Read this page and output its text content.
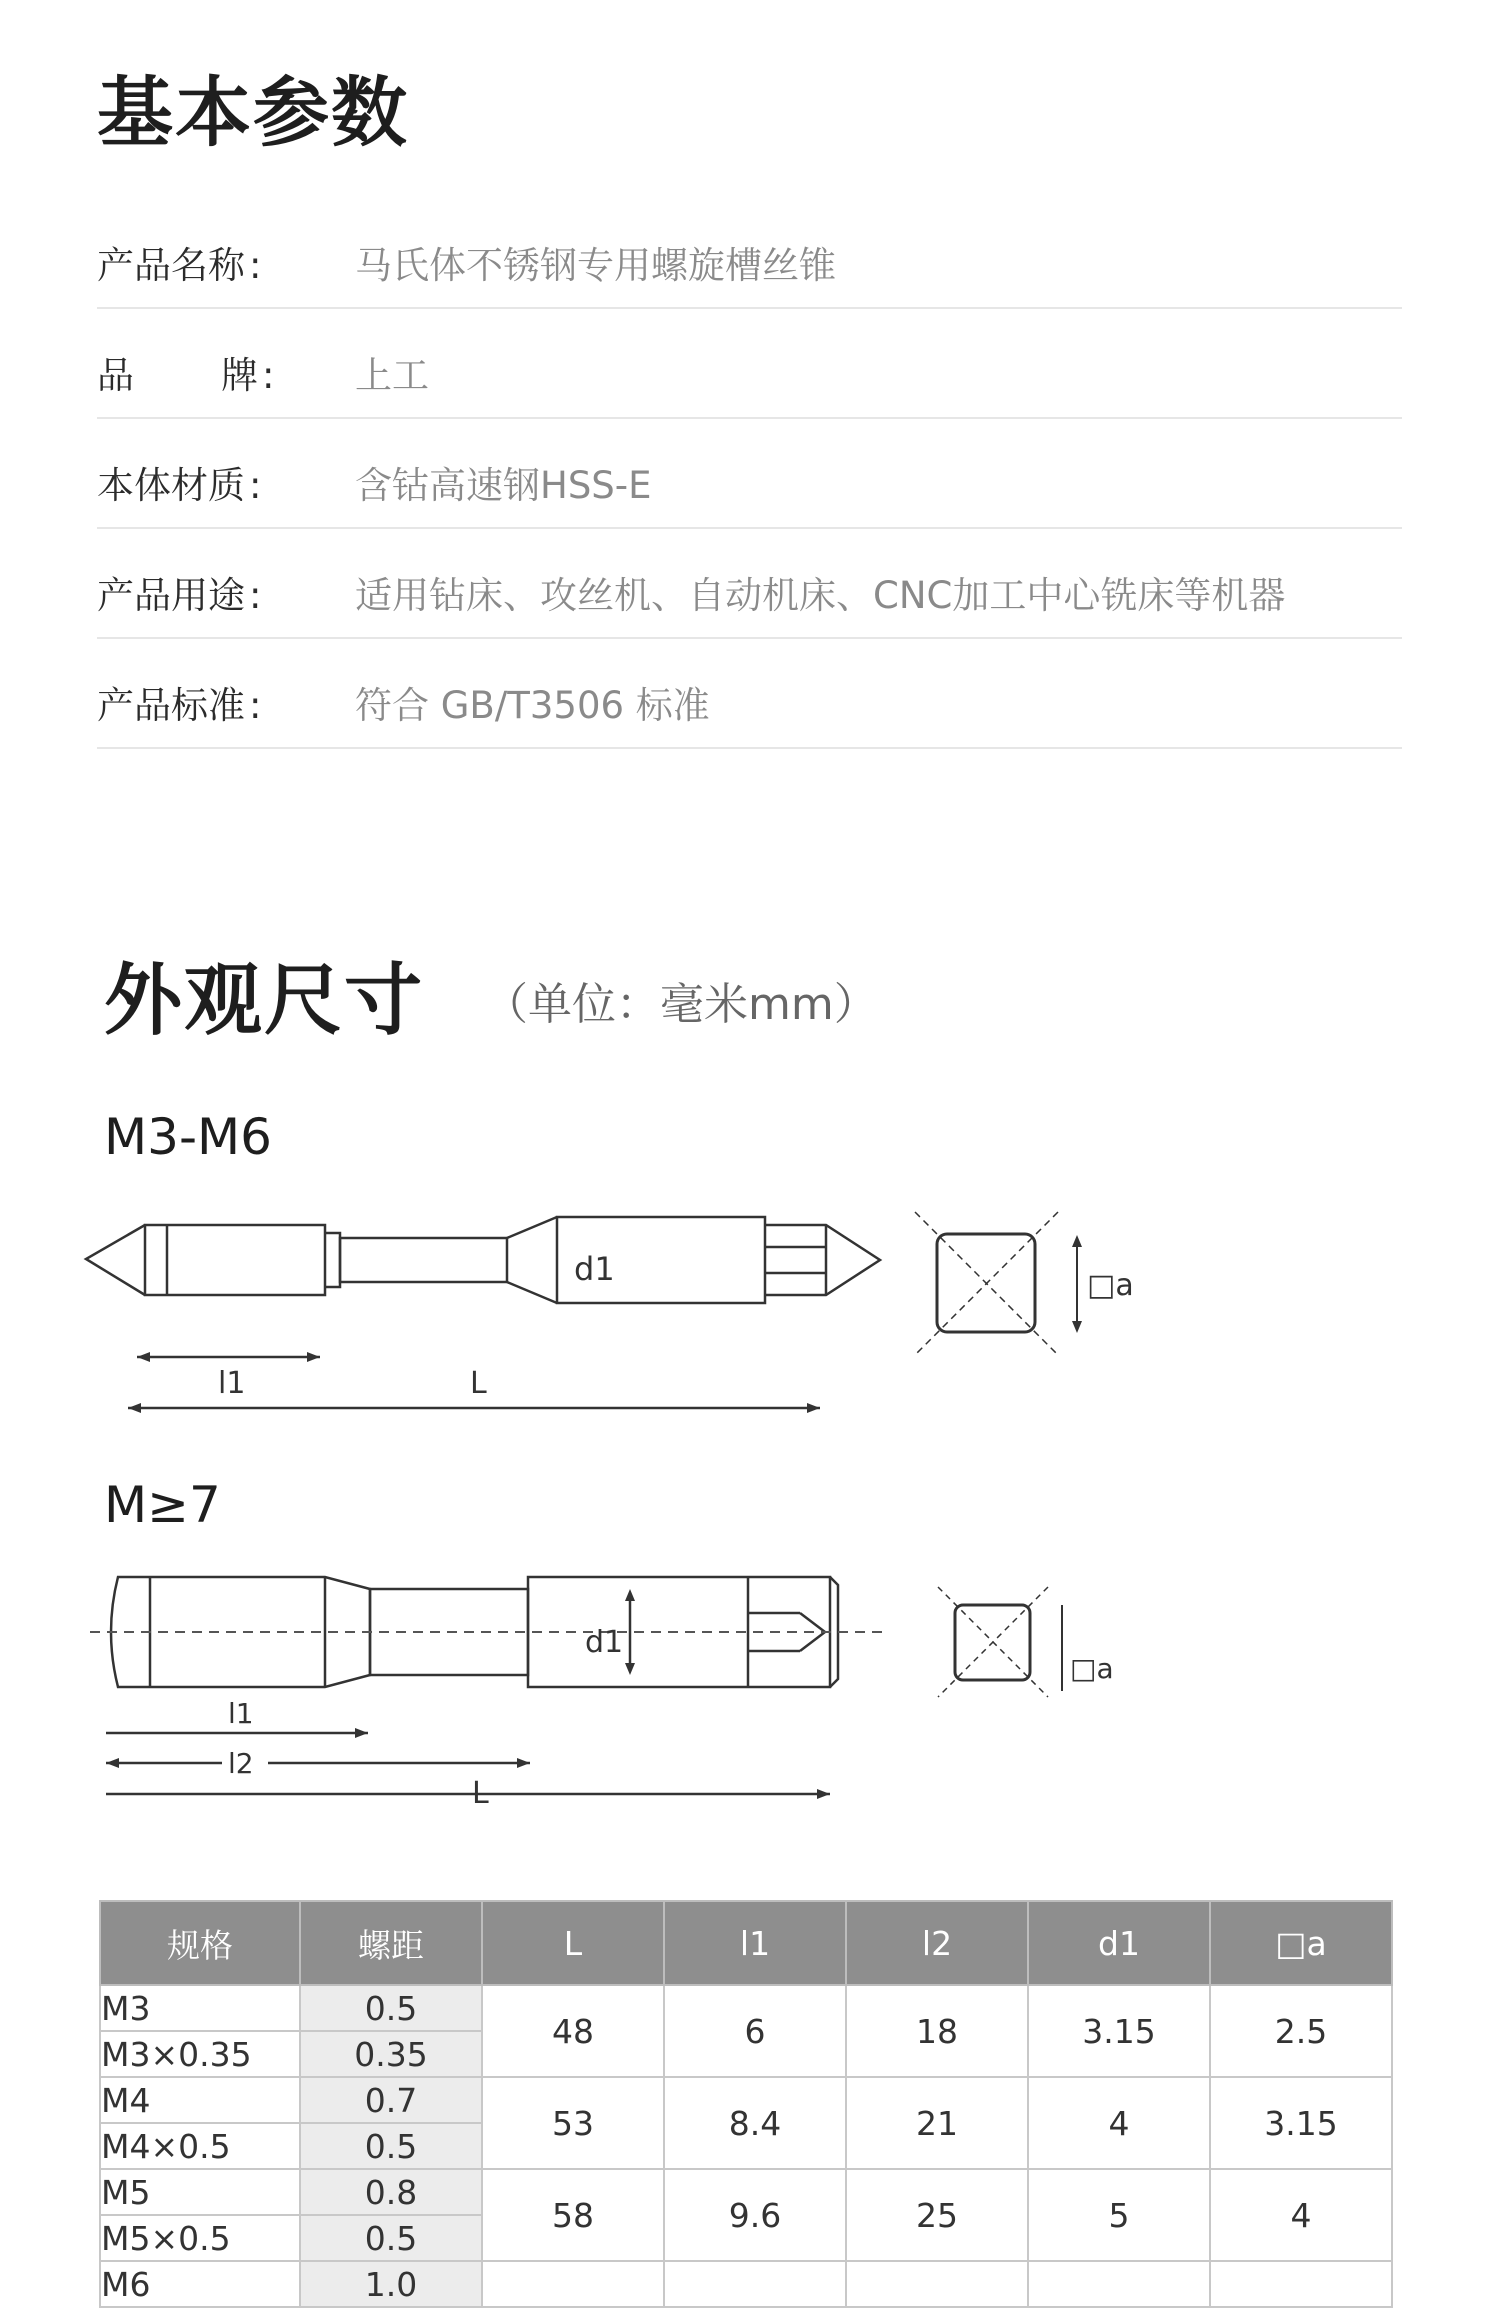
基本参数
产品名称 :	马氏体不锈钢专用螺旋槽丝锥
品 牌 : 上工
本体材质 :	含钴高速钢HSS-E
产品用途 :	适用钻床、攻丝机、自动机床、CNC加工中心铣床等机器
产品标准 :	符合 GB/T3506 标准
外观尺寸 （单位：毫米mm）
M3-M6
d1
l1	L
□a
M≥7
d1
l1
l2
L
□a
规格	螺距	L	l1	l2	d1	□a
M3	0.5	48	6	18	3.15	2.5
M3×0.35	0.35					
M4	0.7	53	8.4	21	4	3.15
M4×0.5	0.5					
M5	0.8	58	9.6	25	5	4
M5×0.5	0.5					
M6	1.0					
